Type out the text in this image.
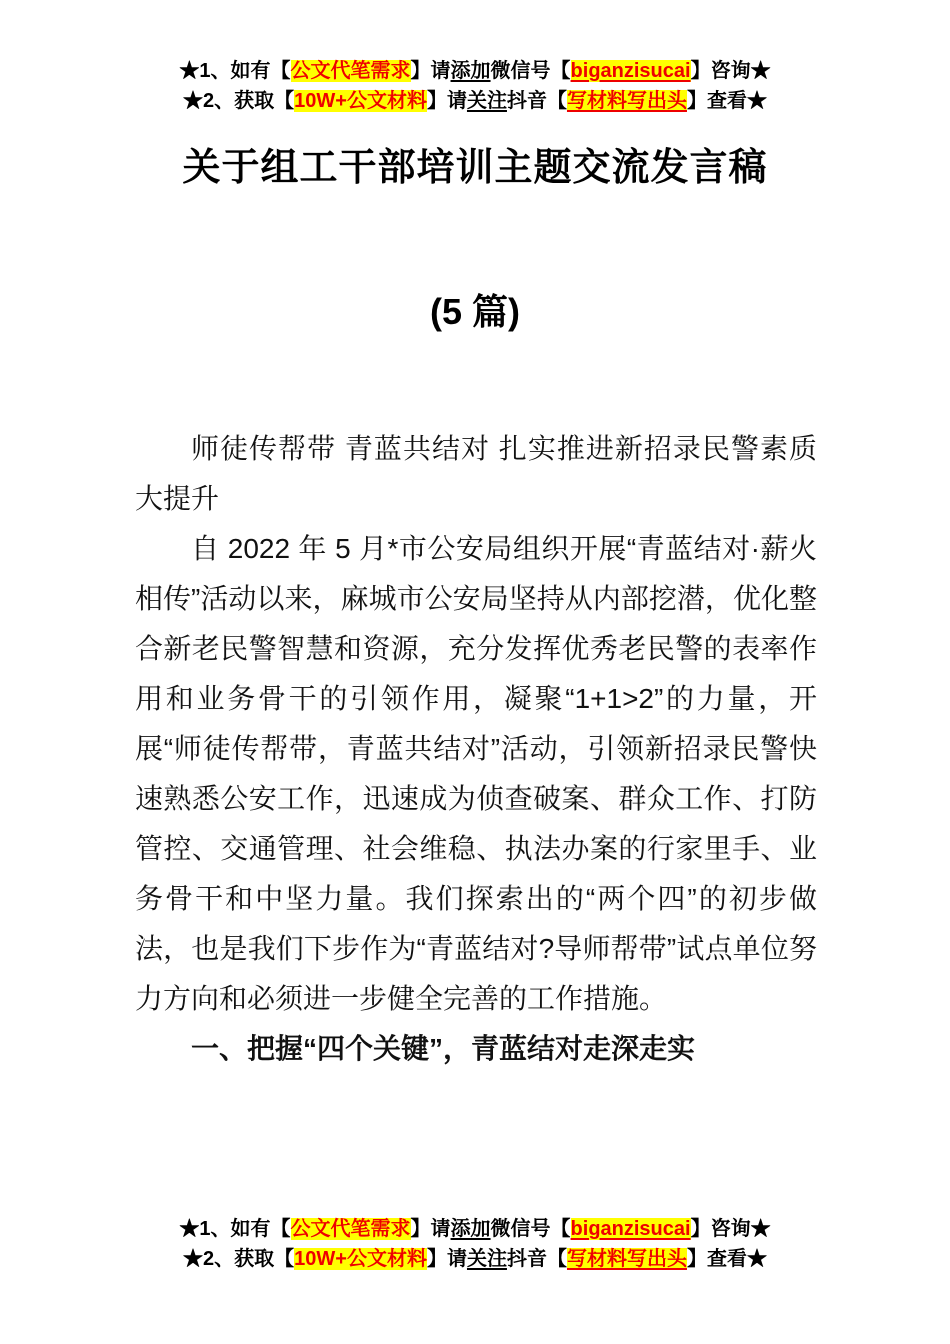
★1、如有【公文代笔需求】请添加微信号【biganzisucai】咨询★
★2、获取【10W+公文材料】请关注抖音【写材料写出头】查看★
关于组工干部培训主题交流发言稿
(5 篇)

师徒传帮带 青蓝共结对 扎实推进新招录民警素质大提升

自 2022 年 5 月*市公安局组织开展“青蓝结对·薪火相传”活动以来，麻城市公安局坚持从内部挖潜，优化整合新老民警智慧和资源，充分发挥优秀老民警的表率作用和业务骨干的引领作用，凝聚“1+1>2”的力量，开展“师徒传帮带，青蓝共结对”活动，引领新招录民警快速熟悉公安工作，迅速成为侦查破案、群众工作、打防管控、交通管理、社会维稳、执法办案的行家里手、业务骨干和中坚力量。我们探索出的“两个四”的初步做法，也是我们下步作为“青蓝结对?导师帮带”试点单位努力方向和必须进一步健全完善的工作措施。

一、把握“四个关键”，青蓝结对走深走实

★1、如有【公文代笔需求】请添加微信号【biganzisucai】咨询★
★2、获取【10W+公文材料】请关注抖音【写材料写出头】查看★
